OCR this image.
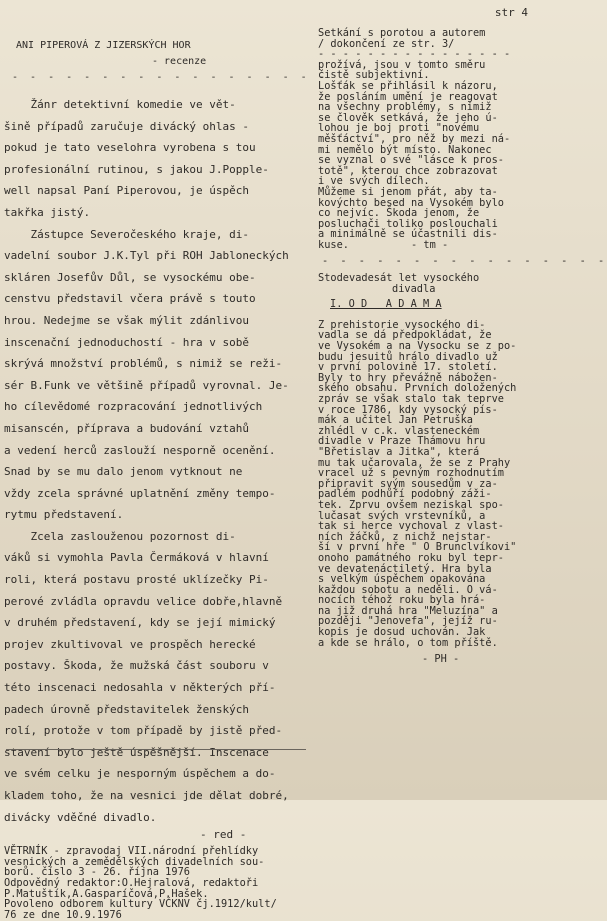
str 4
ANI PIPEROVÁ Z JIZERSKÝCH HOR
- recenze
- - - - - - - - - - - - - - - - - -
Žánr detektivní komedie ve vět-
šině případů zaručuje divácký ohlas -
pokud je tato veselohra vyrobena s tou
profesionální rutinou, s jakou J.Popple-
well napsal Paní Piperovou, je úspěch
takřka jistý.
Zástupce Severočeského kraje, di-
vadelní soubor J.K.Tyl při ROH Jabloneckých
skláren Josefův Důl, se vysockému obe-
censtvu představil včera právě s touto
hrou. Nedejme se však mýlit zdánlivou
inscenační jednoduchostí - hra v sobě
skrývá množství problémů, s nimiž se reži-
sér B.Funk ve většině případů vyrovnal. Je-
ho cílevědomé rozpracování jednotlivých
misanscén, příprava a budování vztahů
a vedení herců zaslouží nesporně ocenění.
Snad by se mu dalo jenom vytknout ne
vždy zcela správné uplatnění změny tempo-
rytmu představení.
Zcela zaslouženou pozornost di-
váků si vymohla Pavla Čermáková v hlavní
roli, která postavu prosté uklízečky Pi-
perové zvládla opravdu velice dobře,hlavně
v druhém představení, kdy se její mimický
projev zkultivoval ve prospěch herecké
postavy. Škoda, že mužská část souboru v
této inscenaci nedosahla v některých pří-
padech úrovně představitelek ženských
rolí, protože v tom případě by jistě před-
stavení bylo ještě úspěšnější. Inscenace
ve svém celku je nesporným úspěchem a do-
kladem toho, že na vesnici jde dělat dobré,
divácky vděčné divadlo.
- red -
VĚTRNÍK - zpravodaj VII.národní přehlídky
vesnických a zemědělských divadelních sou-
borů. číslo 3 - 26. října 1976
Odpovědný redaktor:O.Hejralová, redaktoři
P.Matuštík,A.Gasparíčová,P.Hašek.
Povoleno odborem kultury VČKNV čj.1912/kult/
76 ze dne 10.9.1976
Setkání s porotou a autorem
/ dokončení ze str. 3/
- - - - - - - - - - - - - - - -
prožívá, jsou v tomto směru
čistě subjektivní.
Lošťák se přihlásil k názoru,
že posláním umění je reagovat
na všechny problémy, s nimiž
se člověk setkává, že jeho ú-
lohou je boj proti "novému
měšťáctví", pro něž by mezi ná-
mi nemělo být místo. Nakonec
se vyznal o své "lásce k pros-
totě", kterou chce zobrazovat
i ve svých dílech.
Můžeme si jenom přát, aby ta-
kovýchto besed na Vysokém bylo
co nejvíc. Škoda jenom, že
posluchači toliko poslouchali
a minimálně se účastnili dis-
kuse.          - tm -
- - - - - - - - - - - - - - - -
Stodevadesát let vysockého
divadla
I. O D   A D A M A
Z prehistorie vysockého di-
vadla se dá předpokládat, že
ve Vysokém a na Vysocku se z po-
budu jesuitů hrálo divadlo už
v první polovině 17. století.
Byly to hry převážně nábožen-
ského obsahu. Prvních doložených
zpráv se však stalo tak teprve
v roce 1786, kdy vysocký pís-
mák a učitel Jan Petruška
zhlédl v c.k. vlasteneckém
divadle v Praze Thámovu hru
"Břetislav a Jitka", která
mu tak učarovala, že se z Prahy
vracel už s pevným rozhodnutím
připravit svým sousedům v za-
padlém podhůří podobný záži-
tek. Zprvu ovšem neziskal spo-
lučasat svých vrstevníků, a
tak si herce vychoval z vlast-
ních žáčků, z nichž nejstar-
ší v první hře " O Brunclvíkovi"
onoho památného roku byl tepr-
ve devatenáctiletý. Hra byla
s velkým úspěchem opakována
každou sobotu a neděli. O vá-
nocích téhož roku byla hrá-
na již druhá hra "Meluzína" a
později "Jenovefa", jejíž ru-
kopis je dosud uchován. Jak
a kde se hrálo, o tom příště.
- PH -
